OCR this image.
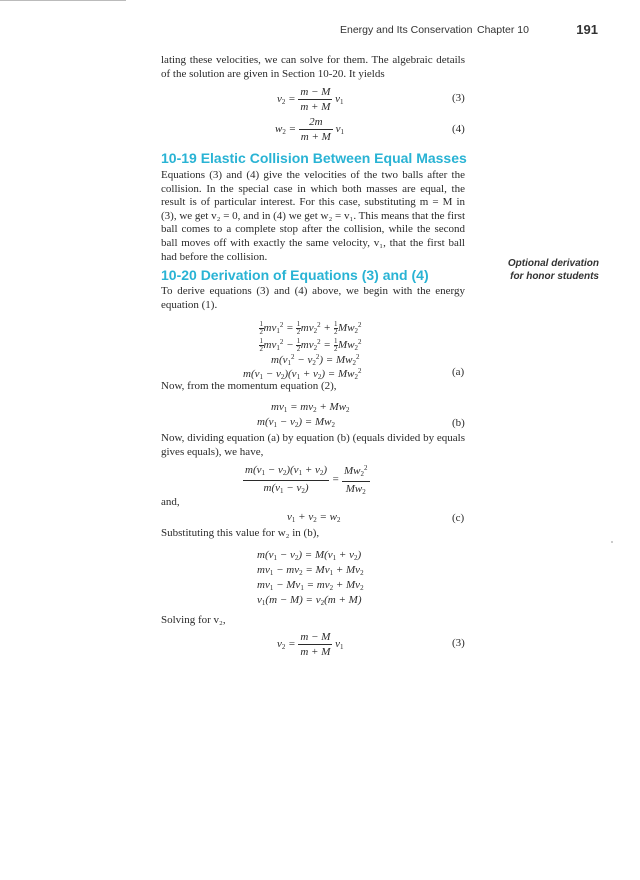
Energy and Its Conservation Chapter 10	191

lating these velocities, we can solve for them. The algebraic details of the solution are given in Section 10-20. It yields

$v_2 = \frac{m - M}{m + M} v_1$	(3)
$w_2 = \frac{2m}{m + M} v_1$	(4)
10-19 Elastic Collision Between Equal Masses

Equations (3) and (4) give the velocities of the two balls after the collision. In the special case in which both masses are equal, the result is of particular interest. For this case, substituting m = M in (3), we get v₂ = 0, and in (4) we get w₂ = v₁. This means that the first ball comes to a complete stop after the collision, while the second ball moves off with exactly the same velocity, v₁, that the first ball had before the collision.

10-20 Derivation of Equations (3) and (4)
Optional derivation
for honor students

To derive equations (3) and (4) above, we begin with the energy equation (1).

$\frac{1}{2} mv_1^2 = \frac{1}{2} mv_2^2 + \frac{1}{2} Mw_2^2$
$\frac{1}{2} mv_1^2 - \frac{1}{2} mv_2^2 = \frac{1}{2} Mw_2^2$
$m(v_1^2 - v_2^2) = Mw_2^2$
$m(v_1 - v_2)(v_1 + v_2) = Mw_2^2$	(a)

Now, from the momentum equation (2),

$mv_1 = mv_2 + Mw_2$
$m(v_1 - v_2) = Mw_2$	(b)

Now, dividing equation (a) by equation (b) (equals divided by equals gives equals), we have,

$\frac{m(v_1 - v_2)(v_1 + v_2)}{m(v_1 - v_2)} = \frac{Mw_2^2}{Mw_2}$

and,

$v_1 + v_2 = w_2$	(c)

Substituting this value for w₂ in (b),

$m(v_1 - v_2) = M(v_1 + v_2)$
$mv_1 - mv_2 = Mv_1 + Mv_2$
$mv_1 - Mv_1 = mv_2 + Mv_2$
$v_1(m - M) = v_2(m + M)$

Solving for v₂,

$v_2 = \frac{m - M}{m + M} v_1$	(3)
